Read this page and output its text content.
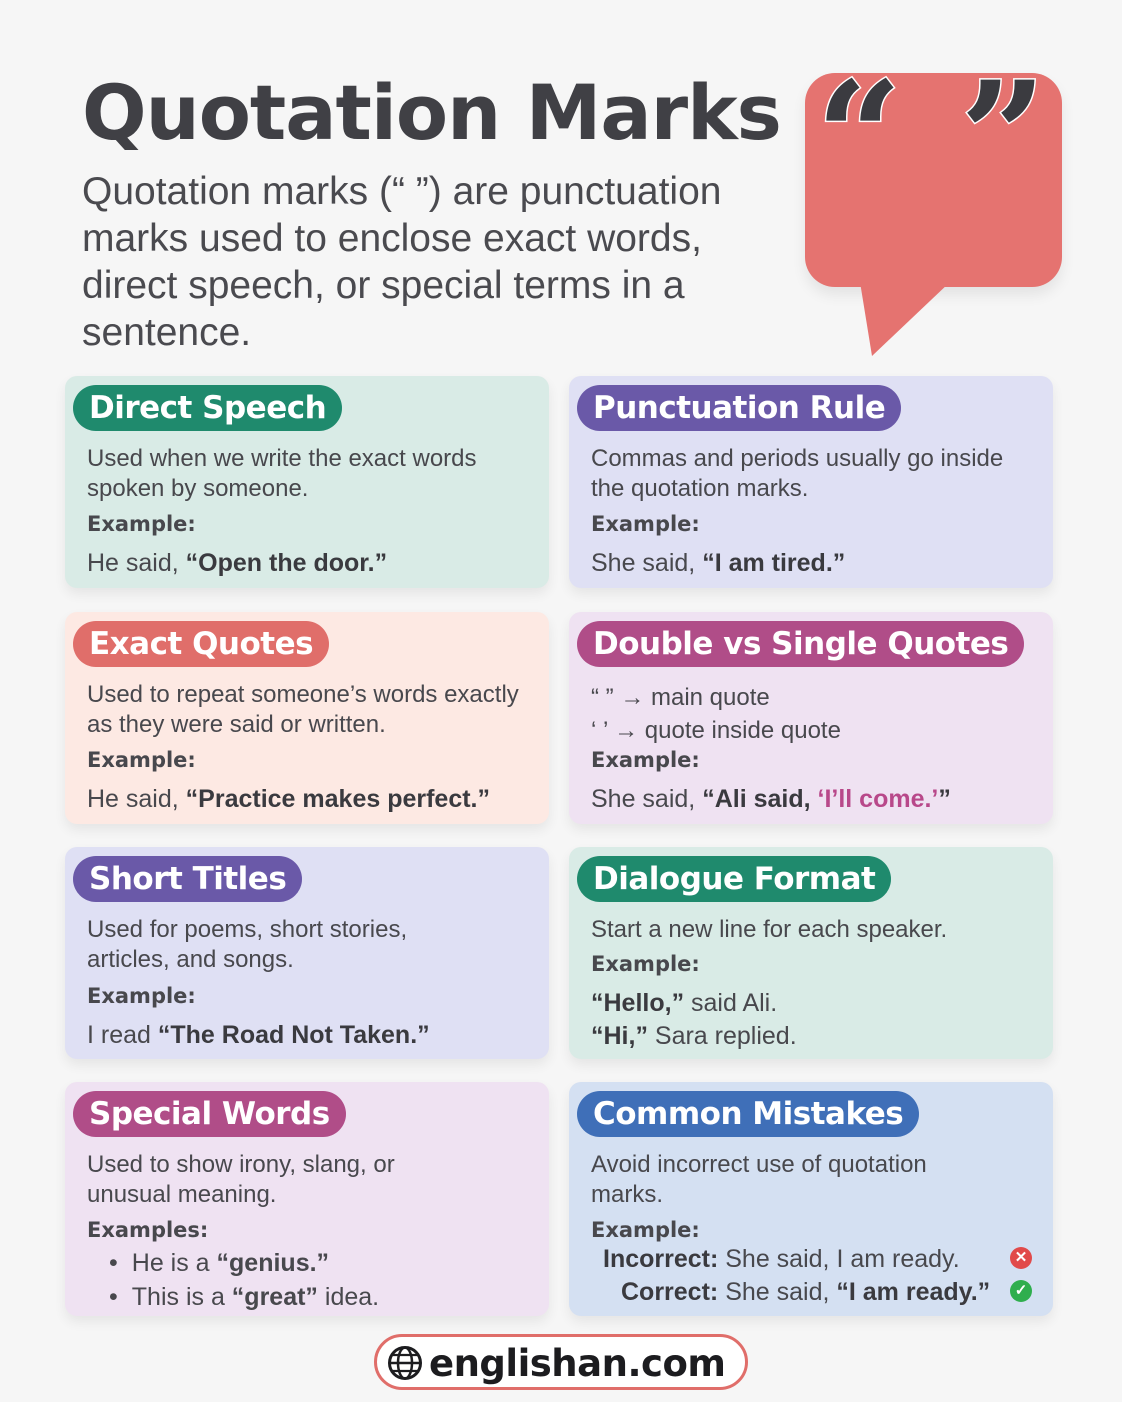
Quotation Marks
Quotation marks (“ ”) are punctuation marks used to enclose exact words, direct speech, or special terms in a sentence.
“ ”
Direct Speech
Used when we write the exact words spoken by someone.
Example:
He said, “Open the door.”
Punctuation Rule
Commas and periods usually go inside the quotation marks.
Example:
She said, “I am tired.”
Exact Quotes
Used to repeat someone’s words exactly as they were said or written.
Example:
He said, “Practice makes perfect.”
Double vs Single Quotes
“ ” → main quote
‘ ’ → quote inside quote
Example:
She said, “Ali said, ‘I’ll come.’”
Short Titles
Used for poems, short stories, articles, and songs.
Example:
I read “The Road Not Taken.”
Dialogue Format
Start a new line for each speaker.
Example:
“Hello,” said Ali.
“Hi,” Sara replied.
Special Words
Used to show irony, slang, or unusual meaning.
Examples:
• He is a “genius.”
• This is a “great” idea.
Common Mistakes
Avoid incorrect use of quotation marks.
Example:
Incorrect: She said, I am ready.	✕
Correct: She said, “I am ready.”	✓
englishan.com
